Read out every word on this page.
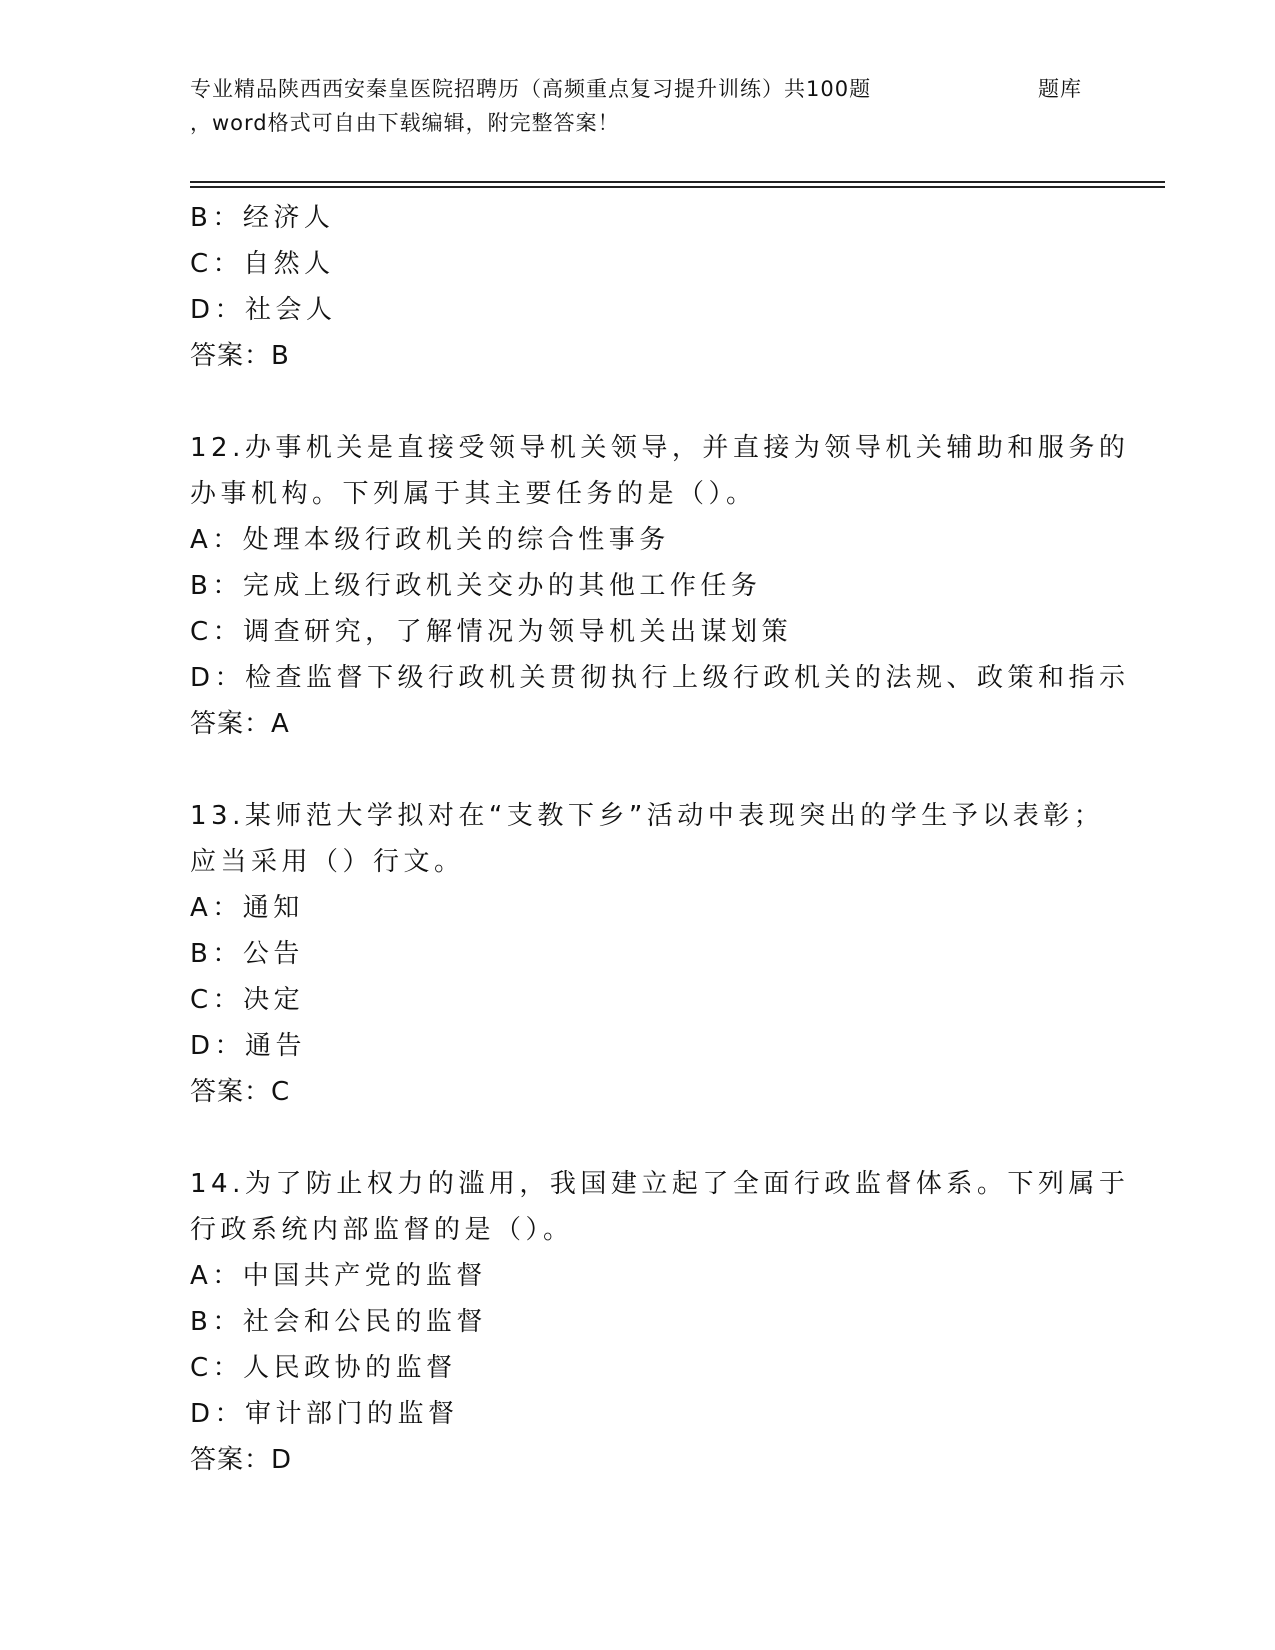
专业精品陕西西安秦皇医院招聘历（高频重点复习提升训练）共100题	题库
，word格式可自由下载编辑，附完整答案！
B：经济人
C：自然人
D：社会人
答案：B
12.办事机关是直接受领导机关领导，并直接为领导机关辅助和服务的
办事机构。下列属于其主要任务的是（）。
A：处理本级行政机关的综合性事务
B：完成上级行政机关交办的其他工作任务
C：调查研究，了解情况为领导机关出谋划策
D：检查监督下级行政机关贯彻执行上级行政机关的法规、政策和指示
答案：A
13.某师范大学拟对在“支教下乡”活动中表现突出的学生予以表彰；
应当采用（）行文。
A：通知
B：公告
C：决定
D：通告
答案：C
14.为了防止权力的滥用，我国建立起了全面行政监督体系。下列属于
行政系统内部监督的是（）。
A：中国共产党的监督
B：社会和公民的监督
C：人民政协的监督
D：审计部门的监督
答案：D
